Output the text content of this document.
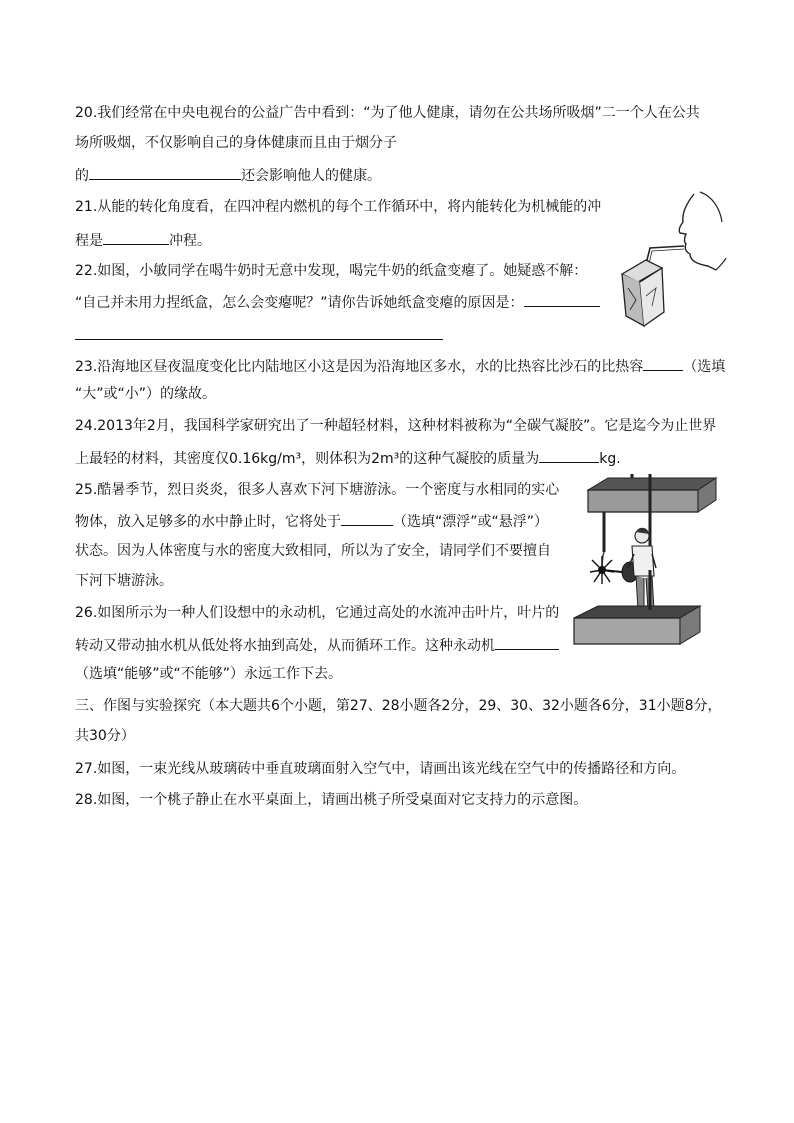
20.我们经常在中央电视台的公益广告中看到：“为了他人健康，请勿在公共场所吸烟”二一个人在公共
场所吸烟，不仅影响自己的身体健康而且由于烟分子
的	还会影响他人的健康。
21.从能的转化角度看，在四冲程内燃机的每个工作循环中，将内能转化为机械能的冲
程是	冲程。
22.如图，小敏同学在喝牛奶时无意中发现，喝完牛奶的纸盒变瘪了。她疑惑不解：
“自己并未用力捏纸盒，怎么会变瘪呢？”请你告诉她纸盒变瘪的原因是：
23.沿海地区昼夜温度变化比内陆地区小这是因为沿海地区多水，水的比热容比沙石的比热容	（选填
“大”或“小”）的缘故。
24.2013年2月，我国科学家研究出了一种超轻材料，这种材料被称为“全碳气凝胶”。它是迄今为止世界
上最轻的材料，其密度仅0.16kg/m³，则体积为2m³的这种气凝胶的质量为	kg.
25.酷暑季节，烈日炎炎，很多人喜欢下河下塘游泳。一个密度与水相同的实心
物体，放入足够多的水中静止时，它将处于	（选填“漂浮”或“悬浮”）
状态。因为人体密度与水的密度大致相同，所以为了安全，请同学们不要擅自
下河下塘游泳。
26.如图所示为一种人们设想中的永动机，它通过高处的水流冲击叶片，叶片的
转动又带动抽水机从低处将水抽到高处，从而循环工作。这种永动机
（选填“能够”或“不能够”）永远工作下去。
三、作图与实验探究（本大题共6个小题，第27、28小题各2分，29、30、32小题各6分，31小题8分，
共30分）
27.如图，一束光线从玻璃砖中垂直玻璃面射入空气中，请画出该光线在空气中的传播路径和方向。
28.如图，一个桃子静止在水平桌面上，请画出桃子所受桌面对它支持力的示意图。
